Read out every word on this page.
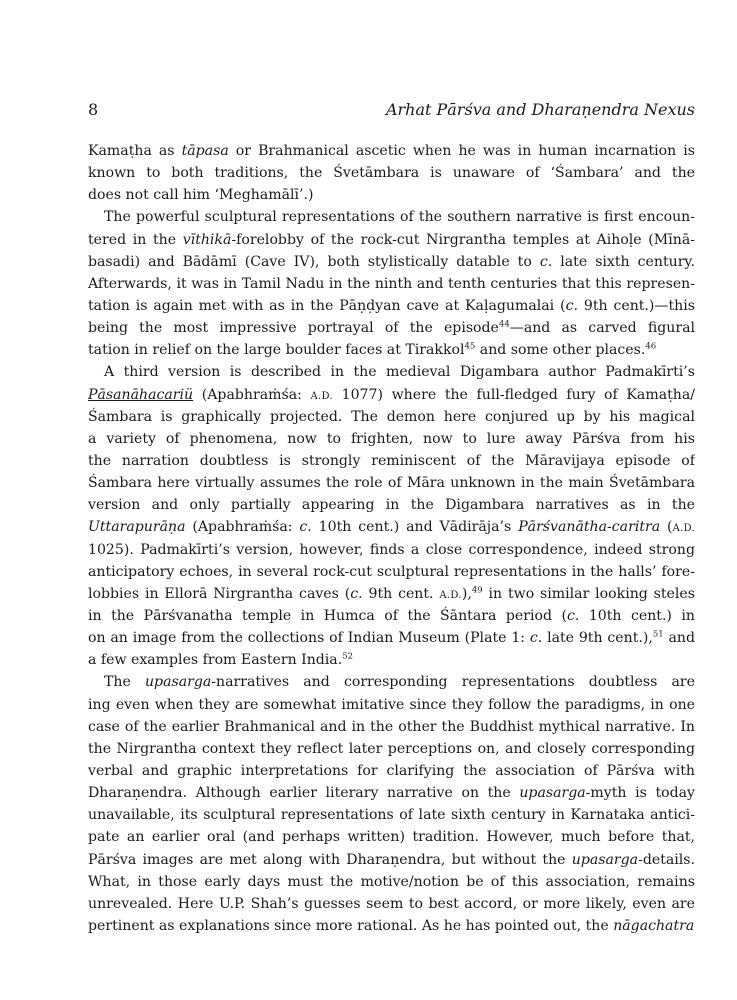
8	Arhat Pārśva and Dharaṇendra Nexus
Kamaṭha as tāpasa or Brahmanical ascetic when he was in human incarnation is
known to both traditions, the Śvetāmbara is unaware of ‘Śambara’ and the
does not call him ‘Meghamālī’.)
The powerful sculptural representations of the southern narrative is first encoun-
tered in the vīthikā-forelobby of the rock-cut Nirgrantha temples at Aihoḷe (Mīnā-
basadi) and Bādāmī (Cave IV), both stylistically datable to c. late sixth century.
Afterwards, it was in Tamil Nadu in the ninth and tenth centuries that this represen-
tation is again met with as in the Pāṇḍyan cave at Kaḷagumalai (c. 9th cent.)—this
being the most impressive portrayal of the episode$^{44}$—and as carved figural
tation in relief on the large boulder faces at Tirakkol$^{45}$ and some other places.$^{46}$
A third version is described in the medieval Digambara author Padmakīrti’s
Pāsanāhacariü (Apabhraṁśa: A.D. 1077) where the full-fledged fury of Kamaṭha/
Śambara is graphically projected. The demon here conjured up by his magical
a variety of phenomena, now to frighten, now to lure away Pārśva from his
the narration doubtless is strongly reminiscent of the Māravijaya episode of
Śambara here virtually assumes the role of Māra unknown in the main Śvetāmbara
version and only partially appearing in the Digambara narratives as in the
Uttarapurāṇa (Apabhraṁśa: c. 10th cent.) and Vādirāja’s Pārśvanātha-caritra (A.D.
1025). Padmakīrti’s version, however, finds a close correspondence, indeed strong
anticipatory echoes, in several rock-cut sculptural representations in the halls’ fore-
lobbies in Ellorā Nirgrantha caves (c. 9th cent. A.D.),$^{49}$ in two similar looking steles
in the Pārśvanatha temple in Humca of the Śāntara period (c. 10th cent.) in
on an image from the collections of Indian Museum (Plate 1: c. late 9th cent.),$^{51}$ and
a few examples from Eastern India.$^{52}$
The upasarga-narratives and corresponding representations doubtless are
ing even when they are somewhat imitative since they follow the paradigms, in one
case of the earlier Brahmanical and in the other the Buddhist mythical narrative. In
the Nirgrantha context they reflect later perceptions on, and closely corresponding
verbal and graphic interpretations for clarifying the association of Pārśva with
Dharaṇendra. Although earlier literary narrative on the upasarga-myth is today
unavailable, its sculptural representations of late sixth century in Karnataka antici-
pate an earlier oral (and perhaps written) tradition. However, much before that,
Pārśva images are met along with Dharaṇendra, but without the upasarga-details.
What, in those early days must the motive/notion be of this association, remains
unrevealed. Here U.P. Shah’s guesses seem to best accord, or more likely, even are
pertinent as explanations since more rational. As he has pointed out, the nāgachatra
